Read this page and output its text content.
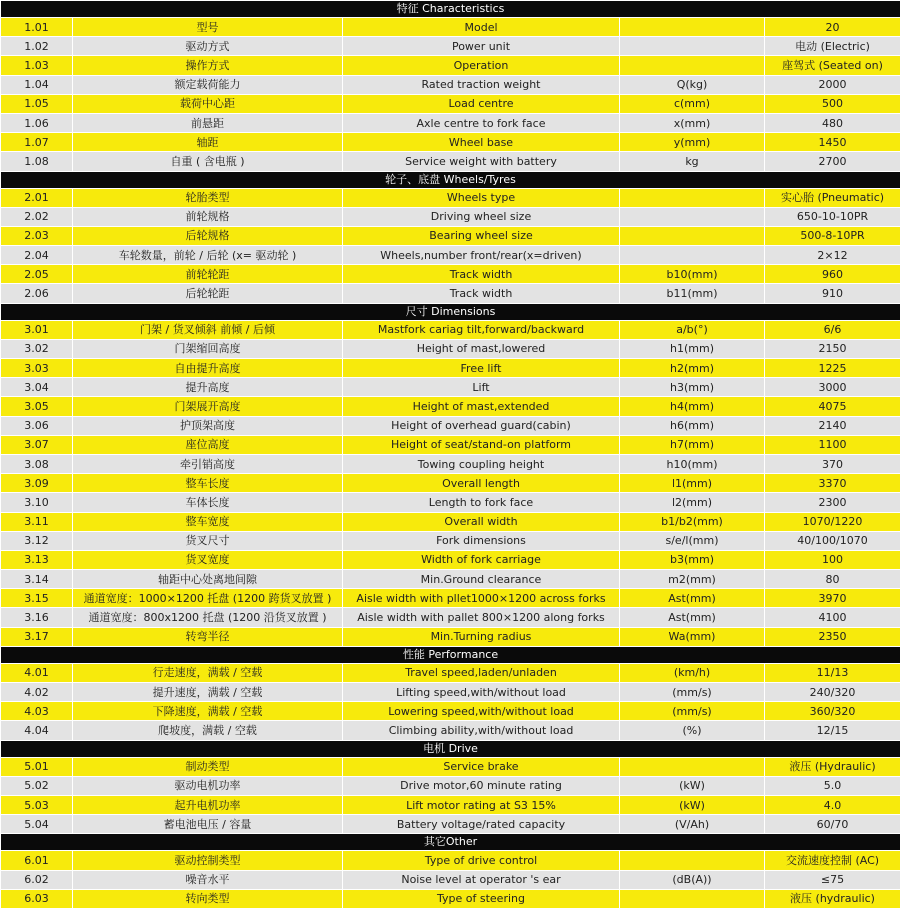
特征 Characteristics				
1.01	型号	Model		20
1.02	驱动方式	Power unit		电动 (Electric)
1.03	操作方式	Operation		座驾式 (Seated on)
1.04	额定载荷能力	Rated traction weight	Q(kg)	2000
1.05	载荷中心距	Load centre	c(mm)	500
1.06	前悬距	Axle centre to fork face	x(mm)	480
1.07	轴距	Wheel base	y(mm)	1450
1.08	自重 ( 含电瓶 )	Service weight with battery	kg	2700
轮子、底盘 Wheels/Tyres				
2.01	轮胎类型	Wheels type		实心胎 (Pneumatic)
2.02	前轮规格	Driving wheel size		650-10-10PR
2.03	后轮规格	Bearing wheel size		500-8-10PR
2.04	车轮数量，前轮 / 后轮 (x= 驱动轮 )	Wheels,number front/rear(x=driven)		2×12
2.05	前轮轮距	Track width	b10(mm)	960
2.06	后轮轮距	Track width	b11(mm)	910
尺寸 Dimensions				
3.01	门架 / 货叉倾斜 前倾 / 后倾	Mastfork cariag tilt,forward/backward	a/b(°)	6/6
3.02	门架缩回高度	Height of mast,lowered	h1(mm)	2150
3.03	自由提升高度	Free lift	h2(mm)	1225
3.04	提升高度	Lift	h3(mm)	3000
3.05	门架展开高度	Height of mast,extended	h4(mm)	4075
3.06	护顶架高度	Height of overhead guard(cabin)	h6(mm)	2140
3.07	座位高度	Height of seat/stand-on platform	h7(mm)	1100
3.08	牵引销高度	Towing coupling height	h10(mm)	370
3.09	整车长度	Overall length	l1(mm)	3370
3.10	车体长度	Length to fork face	l2(mm)	2300
3.11	整车宽度	Overall width	b1/b2(mm)	1070/1220
3.12	货叉尺寸	Fork dimensions	s/e/l(mm)	40/100/1070
3.13	货叉宽度	Width of fork carriage	b3(mm)	100
3.14	轴距中心处离地间隙	Min.Ground clearance	m2(mm)	80
3.15	通道宽度：1000×1200 托盘 (1200 跨货叉放置 )	Aisle width with pllet1000×1200 across forks	Ast(mm)	3970
3.16	通道宽度：800x1200 托盘 (1200 沿货叉放置 )	Aisle width with pallet 800×1200 along forks	Ast(mm)	4100
3.17	转弯半径	Min.Turning radius	Wa(mm)	2350
性能 Performance				
4.01	行走速度，满载 / 空载	Travel speed,laden/unladen	(km/h)	11/13
4.02	提升速度，满载 / 空载	Lifting speed,with/without load	(mm/s)	240/320
4.03	下降速度，满载 / 空载	Lowering speed,with/without load	(mm/s)	360/320
4.04	爬坡度，满载 / 空载	Climbing ability,with/without load	(%)	12/15
电机 Drive				
5.01	制动类型	Service brake		液压 (Hydraulic)
5.02	驱动电机功率	Drive motor,60 minute rating	(kW)	5.0
5.03	起升电机功率	Lift motor rating at S3 15%	(kW)	4.0
5.04	蓄电池电压 / 容量	Battery voltage/rated capacity	(V/Ah)	60/70
其它Other				
6.01	驱动控制类型	Type of drive control		交流速度控制 (AC)
6.02	噪音水平	Noise level at operator 's ear	(dB(A))	≤75
6.03	转向类型	Type of steering		液压 (hydraulic)
